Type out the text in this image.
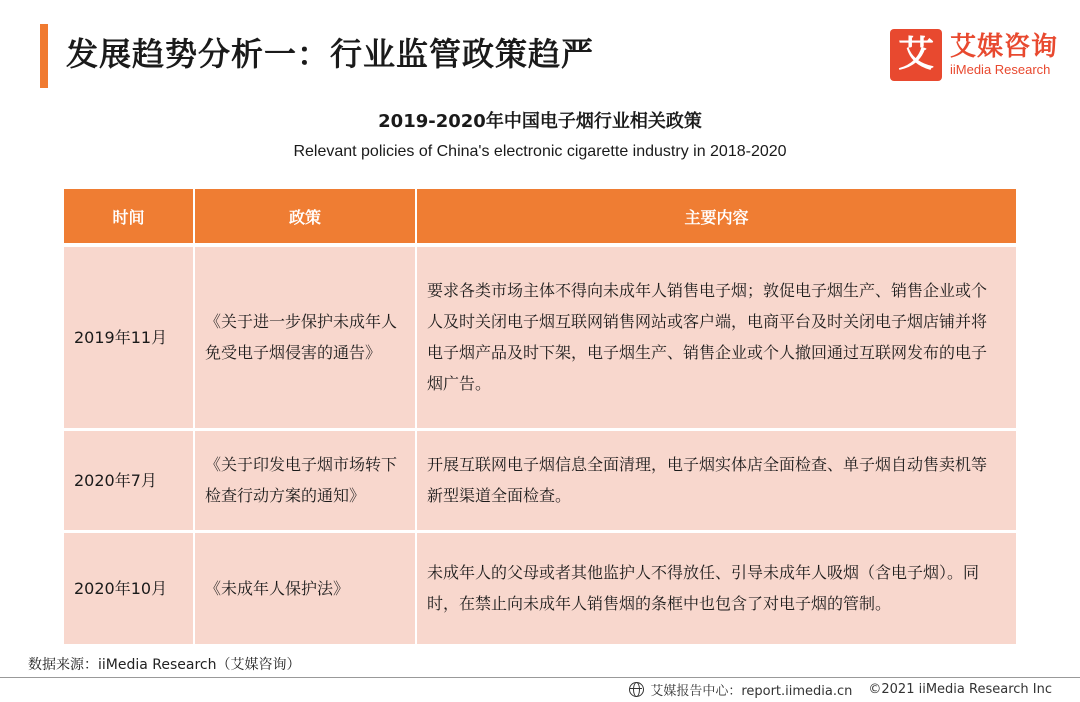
发展趋势分析一：行业监管政策趋严	艾 艾媒咨询
iiMedia Research
2019-2020年中国电子烟行业相关政策
Relevant policies of China's electronic cigarette industry in 2018-2020
时间	政策	主要内容
2019年11月	《关于进一步保护未成年人免受电子烟侵害的通告》	要求各类市场主体不得向未成年人销售电子烟；敦促电子烟生产、销售企业或个人及时关闭电子烟互联网销售网站或客户端，电商平台及时关闭电子烟店铺并将电子烟产品及时下架，电子烟生产、销售企业或个人撤回通过互联网发布的电子烟广告。
2020年7月	《关于印发电子烟市场转下检查行动方案的通知》	开展互联网电子烟信息全面清理，电子烟实体店全面检查、单子烟自动售卖机等新型渠道全面检查。
2020年10月	《未成年人保护法》	未成年人的父母或者其他监护人不得放任、引导未成年人吸烟（含电子烟）。同时，在禁止向未成年人销售烟的条框中也包含了对电子烟的管制。
数据来源：iiMedia Research（艾媒咨询）
艾媒报告中心：report.iimedia.cn ©2021 iiMedia Research Inc
